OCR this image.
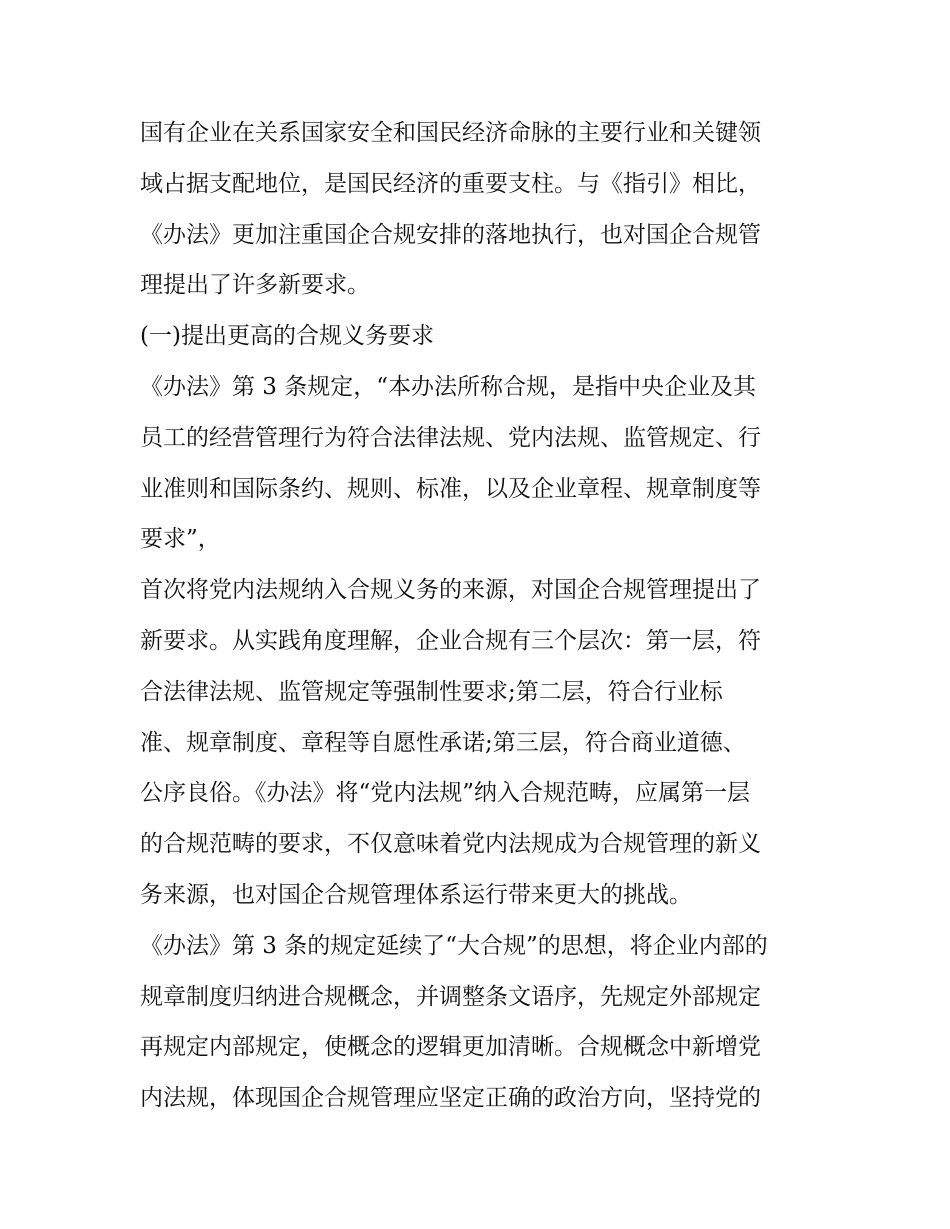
国有企业在关系国家安全和国民经济命脉的主要行业和关键领
域占据支配地位，是国民经济的重要支柱。与《指引》相比，
《办法》更加注重国企合规安排的落地执行，也对国企合规管
理提出了许多新要求。
(一)提出更高的合规义务要求
《办法》第 3 条规定，“本办法所称合规，是指中央企业及其
员工的经营管理行为符合法律法规、党内法规、监管规定、行
业准则和国际条约、规则、标准，以及企业章程、规章制度等
要求”，
首次将党内法规纳入合规义务的来源，对国企合规管理提出了
新要求。从实践角度理解，企业合规有三个层次：第一层，符
合法律法规、监管规定等强制性要求;第二层，符合行业标
准、规章制度、章程等自愿性承诺;第三层，符合商业道德、
公序良俗。《办法》将“党内法规”纳入合规范畴，应属第一层
的合规范畴的要求，不仅意味着党内法规成为合规管理的新义
务来源，也对国企合规管理体系运行带来更大的挑战。
《办法》第 3 条的规定延续了“大合规”的思想，将企业内部的
规章制度归纳进合规概念，并调整条文语序，先规定外部规定
再规定内部规定，使概念的逻辑更加清晰。合规概念中新增党
内法规，体现国企合规管理应坚定正确的政治方向，坚持党的
